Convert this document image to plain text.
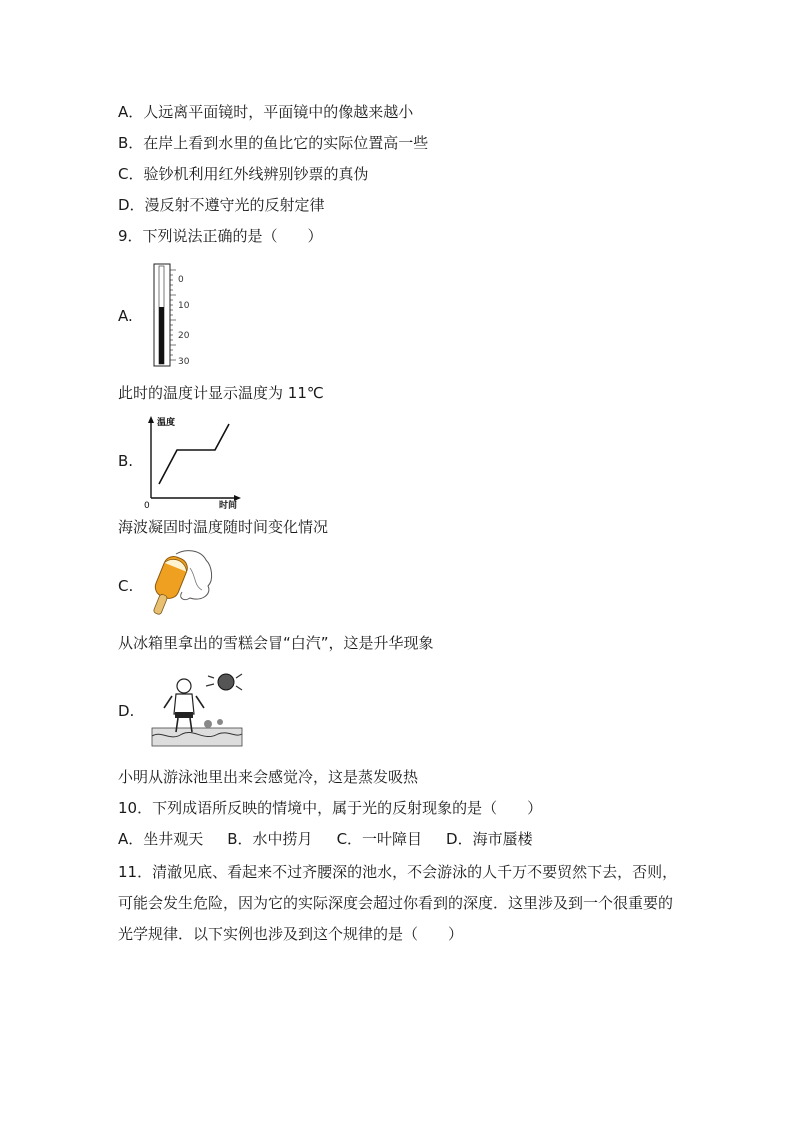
A．人远离平面镜时，平面镜中的像越来越小
B．在岸上看到水里的鱼比它的实际位置高一些
C．验钞机利用红外线辨别钞票的真伪
D．漫反射不遵守光的反射定律
9．下列说法正确的是（　　）
A.
0
10
20
30
此时的温度计显示温度为 11℃
B.
温度
时间
0
海波凝固时温度随时间变化情况
C.
从冰箱里拿出的雪糕会冒“白汽”，这是升华现象
D.
小明从游泳池里出来会感觉冷，这是蒸发吸热
10．下列成语所反映的情境中，属于光的反射现象的是（　　）
A．坐井观天 B．水中捞月 C．一叶障目 D．海市蜃楼
11．清澈见底、看起来不过齐腰深的池水，不会游泳的人千万不要贸然下去，否则，可能会发生危险，因为它的实际深度会超过你看到的深度．这里涉及到一个很重要的光学规律．以下实例也涉及到这个规律的是（　　）
